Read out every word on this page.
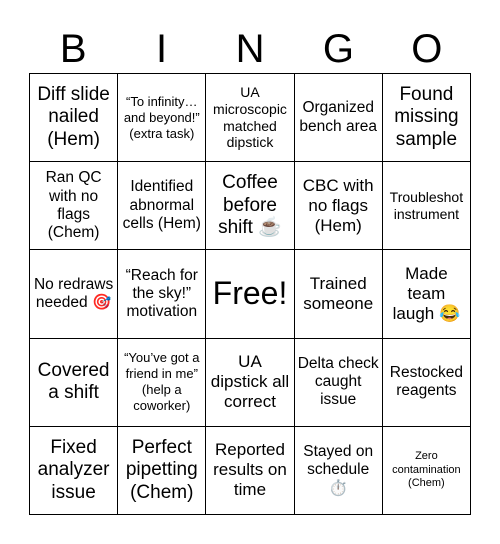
B	I	N	G	O
Diff slide nailed (Hem)
“To infinity… and beyond!” (extra task)
UA microscopic matched dipstick
Organized bench area
Found missing sample
Ran QC with no flags (Chem)
Identified abnormal cells (Hem)
Coffee before shift ☕
CBC with no flags (Hem)
Troubleshot instrument
No redraws needed 🎯
“Reach for the sky!” motivation
Free!	Trained someone
Made team laugh 😂
Covered a shift
“You’ve got a friend in me” (help a coworker)
UA dipstick all correct
Delta check caught issue
Restocked reagents
Fixed analyzer issue
Perfect pipetting (Chem)
Reported results on time
Stayed on schedule ⏱️
Zero contamination (Chem)
